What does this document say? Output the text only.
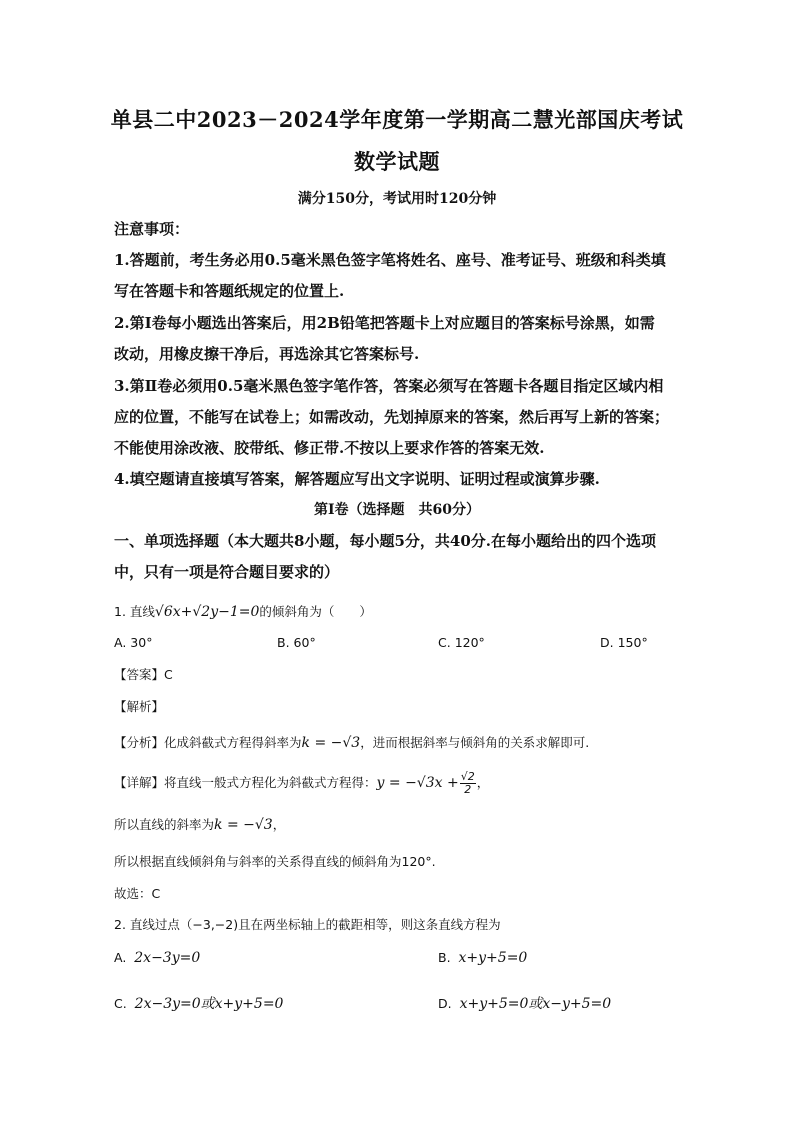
单县二中2023－2024学年度第一学期高二慧光部国庆考试
数学试题
满分150分，考试用时120分钟
注意事项：
1.答题前，考生务必用0.5毫米黑色签字笔将姓名、座号、准考证号、班级和科类填
写在答题卡和答题纸规定的位置上.
2.第Ⅰ卷每小题选出答案后，用2B铅笔把答题卡上对应题目的答案标号涂黑，如需
改动，用橡皮擦干净后，再选涂其它答案标号.
3.第Ⅱ卷必须用0.5毫米黑色签字笔作答，答案必须写在答题卡各题目指定区域内相
应的位置，不能写在试卷上；如需改动，先划掉原来的答案，然后再写上新的答案；
不能使用涂改液、胶带纸、修正带.不按以上要求作答的答案无效.
4.填空题请直接填写答案，解答题应写出文字说明、证明过程或演算步骤.
第Ⅰ卷（选择题　共60分）
一、单项选择题（本大题共8小题，每小题5分，共40分.在每小题给出的四个选项
中，只有一项是符合题目要求的）
1. 直线√6x+√2y−1=0的倾斜角为（　　）
A. 30°	B. 60°	C. 120°	D. 150°
【答案】C
【解析】
【分析】化成斜截式方程得斜率为k = −√3，进而根据斜率与倾斜角的关系求解即可.
【详解】将直线一般式方程化为斜截式方程得：$y = -√3x + \frac{√2}{2}$ ，
所以直线的斜率为k = −√3，
所以根据直线倾斜角与斜率的关系得直线的倾斜角为120°.
故选：C
2. 直线过点（−3,−2)且在两坐标轴上的截距相等，则这条直线方程为
A. 2x−3y=0	B. x+y+5=0
C. 2x−3y=0或x+y+5=0	D. x+y+5=0或x−y+5=0
